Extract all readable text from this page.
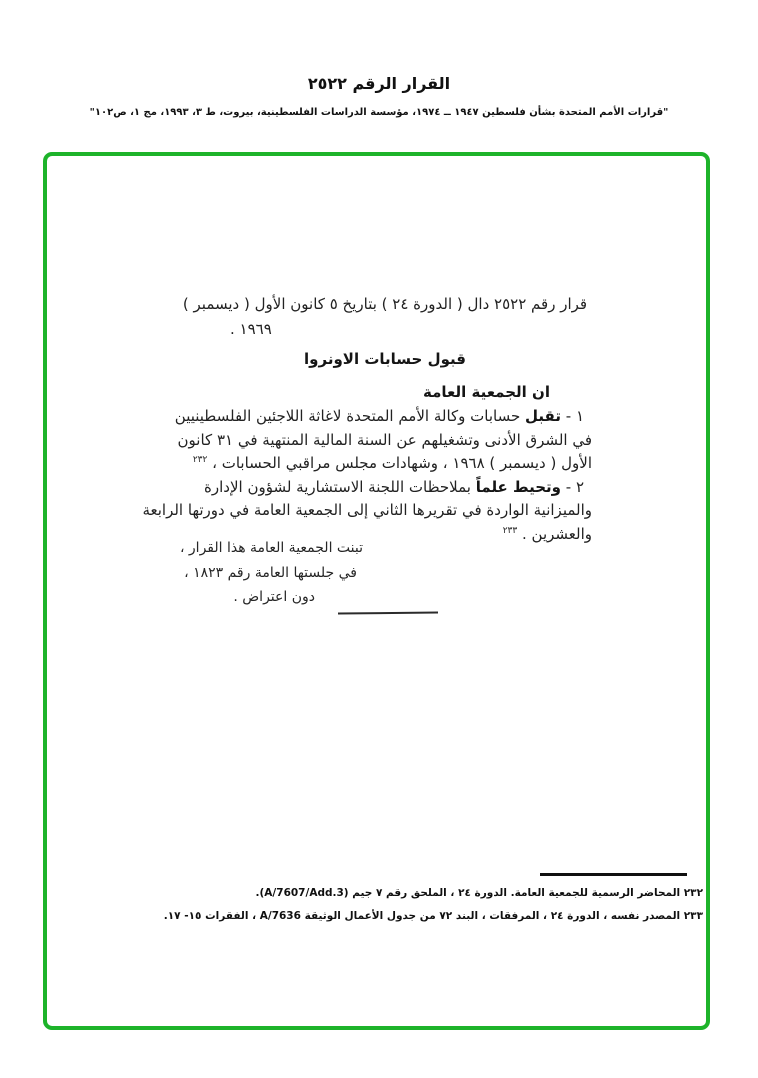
القرار الرقم ٢٥٢٢
"قرارات الأمم المتحدة بشأن فلسطين ١٩٤٧ ــ ١٩٧٤، مؤسسة الدراسات الفلسطينية، بيروت، ط ٣، ١٩٩٣، مج ١، ص١٠٢"
قرار رقم ٢٥٢٢ دال ( الدورة ٢٤ ) بتاريخ ٥ كانون الأول ( ديسمبر )
١٩٦٩ .
قبول حسابات الاونروا
ان الجمعية العامة
١ - تقبل حسابات وكالة الأمم المتحدة لاغاثة اللاجئين الفلسطينيين
في الشرق الأدنى وتشغيلهم عن السنة المالية المنتهية في ٣١ كانون
الأول ( ديسمبر ) ١٩٦٨ ، وشهادات مجلس مراقبي الحسابات ، $^{٢٣٢}$
٢ - وتحيط علماً بملاحظات اللجنة الاستشارية لشؤون الإدارة
والميزانية الواردة في تقريرها الثاني إلى الجمعية العامة في دورتها الرابعة
والعشرين . $^{٢٣٣}$
تبنت الجمعية العامة هذا القرار ،
في جلستها العامة رقم ١٨٢٣ ،
دون اعتراض .
٢٣٢ المحاضر الرسمية للجمعية العامة. الدورة ٢٤ ، الملحق رقم ٧ جيم (A/7607/Add.3).
٢٣٣ المصدر نفسه ، الدورة ٢٤ ، المرفقات ، البند ٧٢ من جدول الأعمال الوثيقة A/7636 ، الفقرات ١٥- ١٧.
